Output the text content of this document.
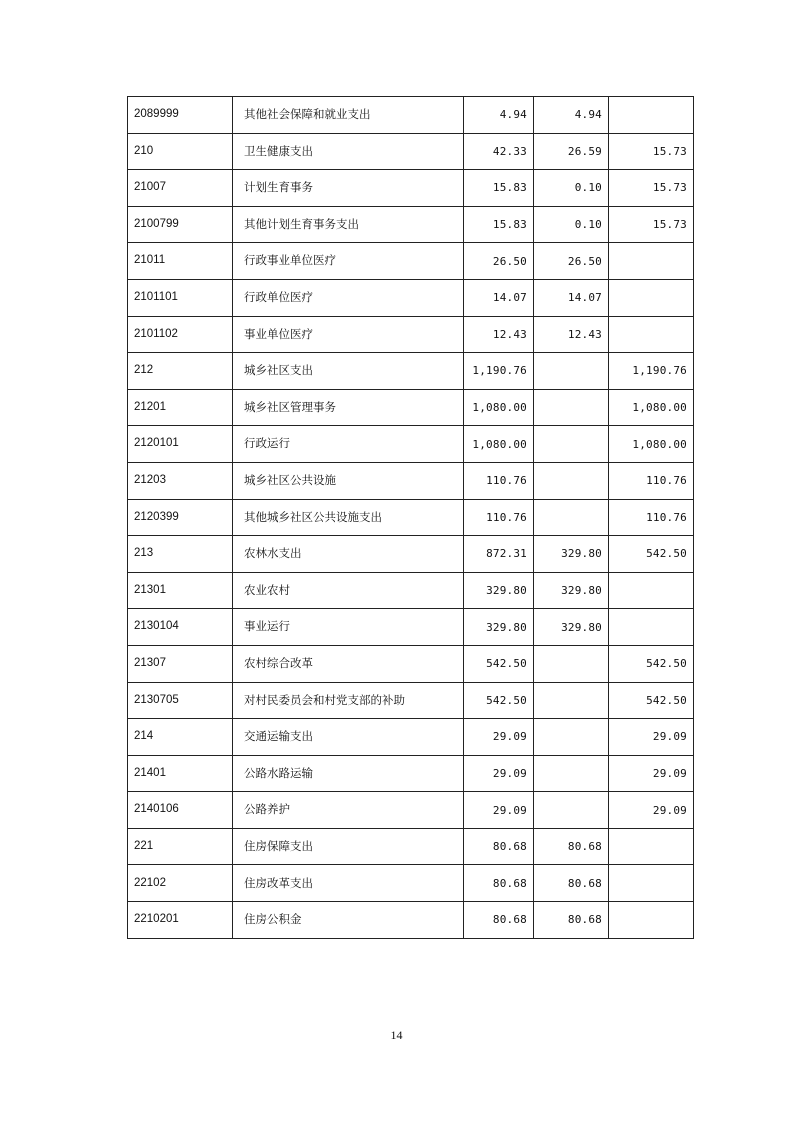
2089999	其他社会保障和就业支出	4.94	4.94	
210	卫生健康支出	42.33	26.59	15.73
21007	计划生育事务	15.83	0.10	15.73
2100799	其他计划生育事务支出	15.83	0.10	15.73
21011	行政事业单位医疗	26.50	26.50	
2101101	行政单位医疗	14.07	14.07	
2101102	事业单位医疗	12.43	12.43	
212	城乡社区支出	1,190.76		1,190.76
21201	城乡社区管理事务	1,080.00		1,080.00
2120101	行政运行	1,080.00		1,080.00
21203	城乡社区公共设施	110.76		110.76
2120399	其他城乡社区公共设施支出	110.76		110.76
213	农林水支出	872.31	329.80	542.50
21301	农业农村	329.80	329.80	
2130104	事业运行	329.80	329.80	
21307	农村综合改革	542.50		542.50
2130705	对村民委员会和村党支部的补助	542.50		542.50
214	交通运输支出	29.09		29.09
21401	公路水路运输	29.09		29.09
2140106	公路养护	29.09		29.09
221	住房保障支出	80.68	80.68	
22102	住房改革支出	80.68	80.68	
2210201	住房公积金	80.68	80.68	
14
